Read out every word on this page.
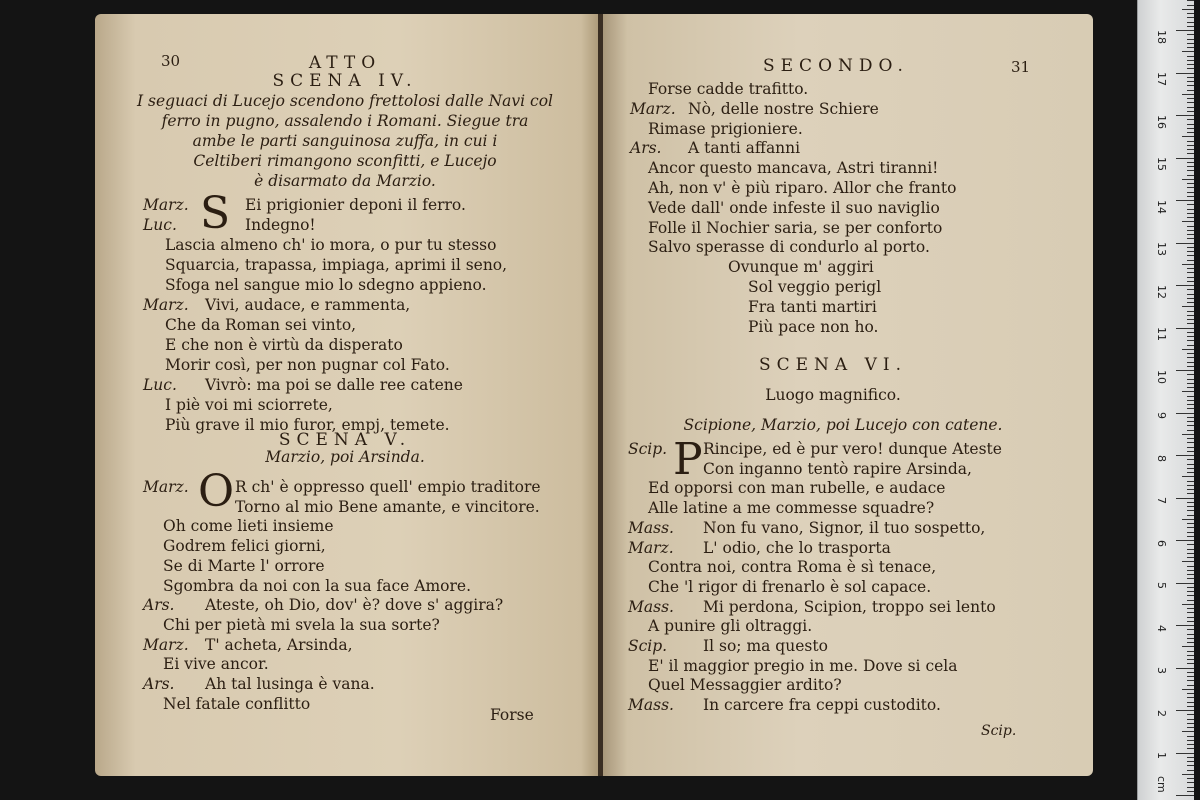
30	ATTO
SCENA IV.
I seguaci di Lucejo scendono frettolosi dalle Navi col
ferro in pugno, assalendo i Romani. Siegue tra
ambe le parti sanguinosa zuffa, in cui i
Celtiberi rimangono sconfitti, e Lucejo
è disarmato da Marzio.
S
Marz.	Ei prigionier deponi il ferro.
Luc.	Indegno!
Lascia almeno ch' io mora, o pur tu stesso
Squarcia, trapassa, impiaga, aprimi il seno,
Sfoga nel sangue mio lo sdegno appieno.
Marz. Vivi, audace, e rammenta,
Che da Roman sei vinto,
E che non è virtù da disperato
Morir così, per non pugnar col Fato.
Luc. Vivrò: ma poi se dalle ree catene
I piè voi mi sciorrete,
Più grave il mio furor, empj, temete.
SCENA V.
Marzio, poi Arsinda.
O
Marz.	R ch' è oppresso quell' empio traditore
Torno al mio Bene amante, e vincitore.
Oh come lieti insieme
Godrem felici giorni,
Se di Marte l' orrore
Sgombra da noi con la sua face Amore.
Ars. Ateste, oh Dio, dov' è? dove s' aggira?
Chi per pietà mi svela la sua sorte?
Marz. T' acheta, Arsinda,
Ei vive ancor.
Ars. Ah tal lusinga è vana.
Nel fatale conflitto
Forse
SECONDO.	31
Forse cadde trafitto.
Marz. Nò, delle nostre Schiere
Rimase prigioniere.
Ars. A tanti affanni
Ancor questo mancava, Astri tiranni!
Ah, non v' è più riparo. Allor che franto
Vede dall' onde infeste il suo naviglio
Folle il Nochier saria, se per conforto
Salvo sperasse di condurlo al porto.
Ovunque m' aggiri
Sol veggio perigl
Fra tanti martiri
Più pace non ho.
SCENA VI.
Luogo magnifico.
Scipione, Marzio, poi Lucejo con catene.
P
Scip. Rincipe, ed è pur vero! dunque Ateste
Con inganno tentò rapire Arsinda,
Ed opporsi con man rubelle, e audace
Alle latine a me commesse squadre?
Mass. Non fu vano, Signor, il tuo sospetto,
Marz. L' odio, che lo trasporta
Contra noi, contra Roma è sì tenace,
Che 'l rigor di frenarlo è sol capace.
Mass. Mi perdona, Scipion, troppo sei lento
A punire gli oltraggi.
Scip. Il so; ma questo
E' il maggior pregio in me. Dove si cela
Quel Messaggier ardito?
Mass. In carcere fra ceppi custodito.
Scip.
1
2
3
4
5
6
7
8
9
10
11
12
13
14
15
16
17
18
cm
